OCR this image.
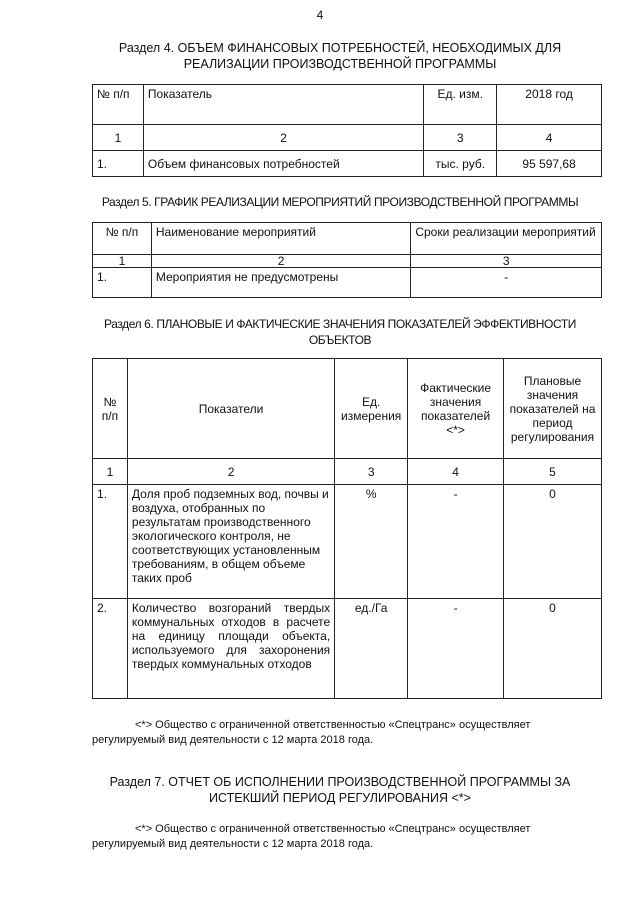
4
Раздел 4. ОБЪЕМ ФИНАНСОВЫХ ПОТРЕБНОСТЕЙ, НЕОБХОДИМЫХ ДЛЯ
РЕАЛИЗАЦИИ ПРОИЗВОДСТВЕННОЙ ПРОГРАММЫ
№ п/п	Показатель	Ед. изм.	2018 год
1	2	3	4
1.	Объем финансовых потребностей	тыс. руб.	95 597,68
Раздел 5. ГРАФИК РЕАЛИЗАЦИИ МЕРОПРИЯТИЙ ПРОИЗВОДСТВЕННОЙ ПРОГРАММЫ
№ п/п	Наименование мероприятий	Сроки реализации мероприятий
1	2	3
1.	Мероприятия не предусмотрены	-
Раздел 6. ПЛАНОВЫЕ И ФАКТИЧЕСКИЕ ЗНАЧЕНИЯ ПОКАЗАТЕЛЕЙ ЭФФЕКТИВНОСТИ
ОБЪЕКТОВ
№ п/п	Показатели	Ед. измерения	Фактические значения показателей <*>	Плановые значения показателей на период регулирования
1	2	3	4	5
1.	Доля проб подземных вод, почвы и воздуха, отобранных по результатам производственного экологического контроля, не соответствующих установленным требованиям, в общем объеме таких проб	%	-	0
2.	Количество возгораний твердых коммунальных отходов в расчете на единицу площади объекта, используемого для захоронения твердых коммунальных отходов	ед./Га	-	0
<*> Общество с ограниченной ответственностью «Спецтранс» осуществляет
регулируемый вид деятельности с 12 марта 2018 года.
Раздел 7. ОТЧЕТ ОБ ИСПОЛНЕНИИ ПРОИЗВОДСТВЕННОЙ ПРОГРАММЫ ЗА
ИСТЕКШИЙ ПЕРИОД РЕГУЛИРОВАНИЯ <*>
<*> Общество с ограниченной ответственностью «Спецтранс» осуществляет
регулируемый вид деятельности с 12 марта 2018 года.
